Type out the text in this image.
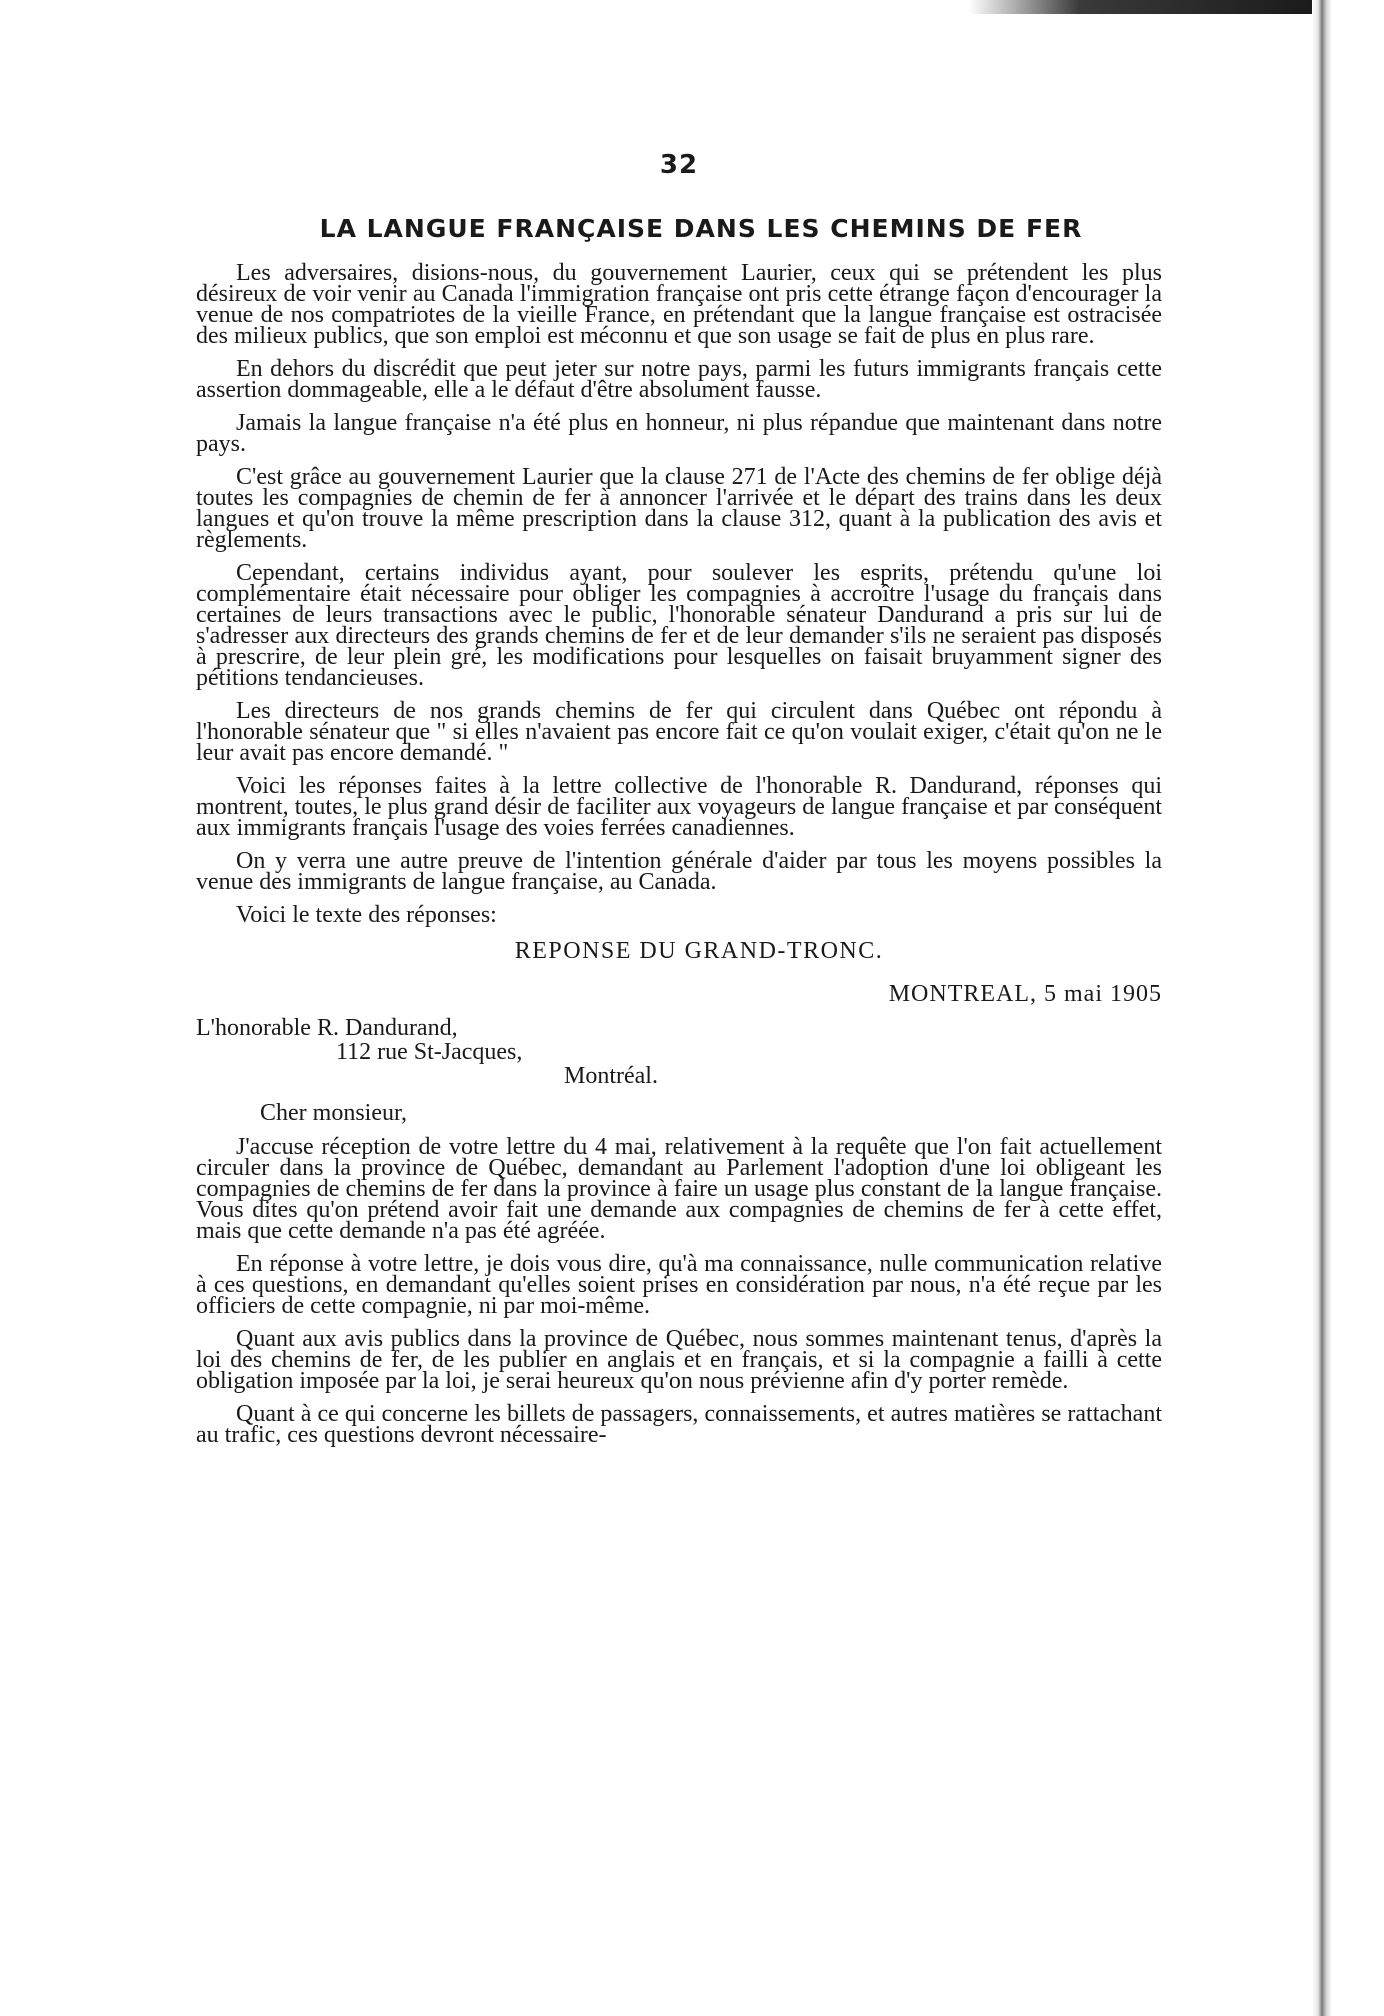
32
LA LANGUE FRANÇAISE DANS LES CHEMINS DE FER

Les adversaires, disions-nous, du gouvernement Laurier, ceux qui se prétendent les plus désireux de voir venir au Canada l'immigration française ont pris cette étrange façon d'encourager la venue de nos compatriotes de la vieille France, en prétendant que la langue française est ostracisée des milieux publics, que son emploi est méconnu et que son usage se fait de plus en plus rare.

En dehors du discrédit que peut jeter sur notre pays, parmi les futurs immigrants français cette assertion dommageable, elle a le défaut d'être absolument fausse.

Jamais la langue française n'a été plus en honneur, ni plus répandue que maintenant dans notre pays.

C'est grâce au gouvernement Laurier que la clause 271 de l'Acte des chemins de fer oblige déjà toutes les compagnies de chemin de fer à annoncer l'arrivée et le départ des trains dans les deux langues et qu'on trouve la même prescription dans la clause 312, quant à la publication des avis et règlements.

Cependant, certains individus ayant, pour soulever les esprits, prétendu qu'une loi complémentaire était nécessaire pour obliger les compagnies à accroître l'usage du français dans certaines de leurs transactions avec le public, l'honorable sénateur Dandurand a pris sur lui de s'adresser aux directeurs des grands chemins de fer et de leur demander s'ils ne seraient pas disposés à prescrire, de leur plein gré, les modifications pour lesquelles on faisait bruyamment signer des pétitions tendancieuses.

Les directeurs de nos grands chemins de fer qui circulent dans Québec ont répondu à l'honorable sénateur que " si elles n'avaient pas encore fait ce qu'on voulait exiger, c'était qu'on ne le leur avait pas encore demandé. "

Voici les réponses faites à la lettre collective de l'honorable R. Dandurand, réponses qui montrent, toutes, le plus grand désir de faciliter aux voyageurs de langue française et par conséquent aux immigrants français l'usage des voies ferrées canadiennes.

On y verra une autre preuve de l'intention générale d'aider par tous les moyens possibles la venue des immigrants de langue française, au Canada.

Voici le texte des réponses:

REPONSE DU GRAND-TRONC.
MONTREAL, 5 mai 1905
L'honorable R. Dandurand,
112 rue St-Jacques,
Montréal.
Cher monsieur,

J'accuse réception de votre lettre du 4 mai, relativement à la requête que l'on fait actuellement circuler dans la province de Québec, demandant au Parlement l'adoption d'une loi obligeant les compagnies de chemins de fer dans la province à faire un usage plus constant de la langue française. Vous dites qu'on prétend avoir fait une demande aux compagnies de chemins de fer à cette effet, mais que cette demande n'a pas été agréée.

En réponse à votre lettre, je dois vous dire, qu'à ma connaissance, nulle communication relative à ces questions, en demandant qu'elles soient prises en considération par nous, n'a été reçue par les officiers de cette compagnie, ni par moi-même.

Quant aux avis publics dans la province de Québec, nous sommes maintenant tenus, d'après la loi des chemins de fer, de les publier en anglais et en français, et si la compagnie a failli à cette obligation imposée par la loi, je serai heureux qu'on nous prévienne afin d'y porter remède.

Quant à ce qui concerne les billets de passagers, connaissements, et autres matières se rattachant au trafic, ces questions devront nécessaire-
